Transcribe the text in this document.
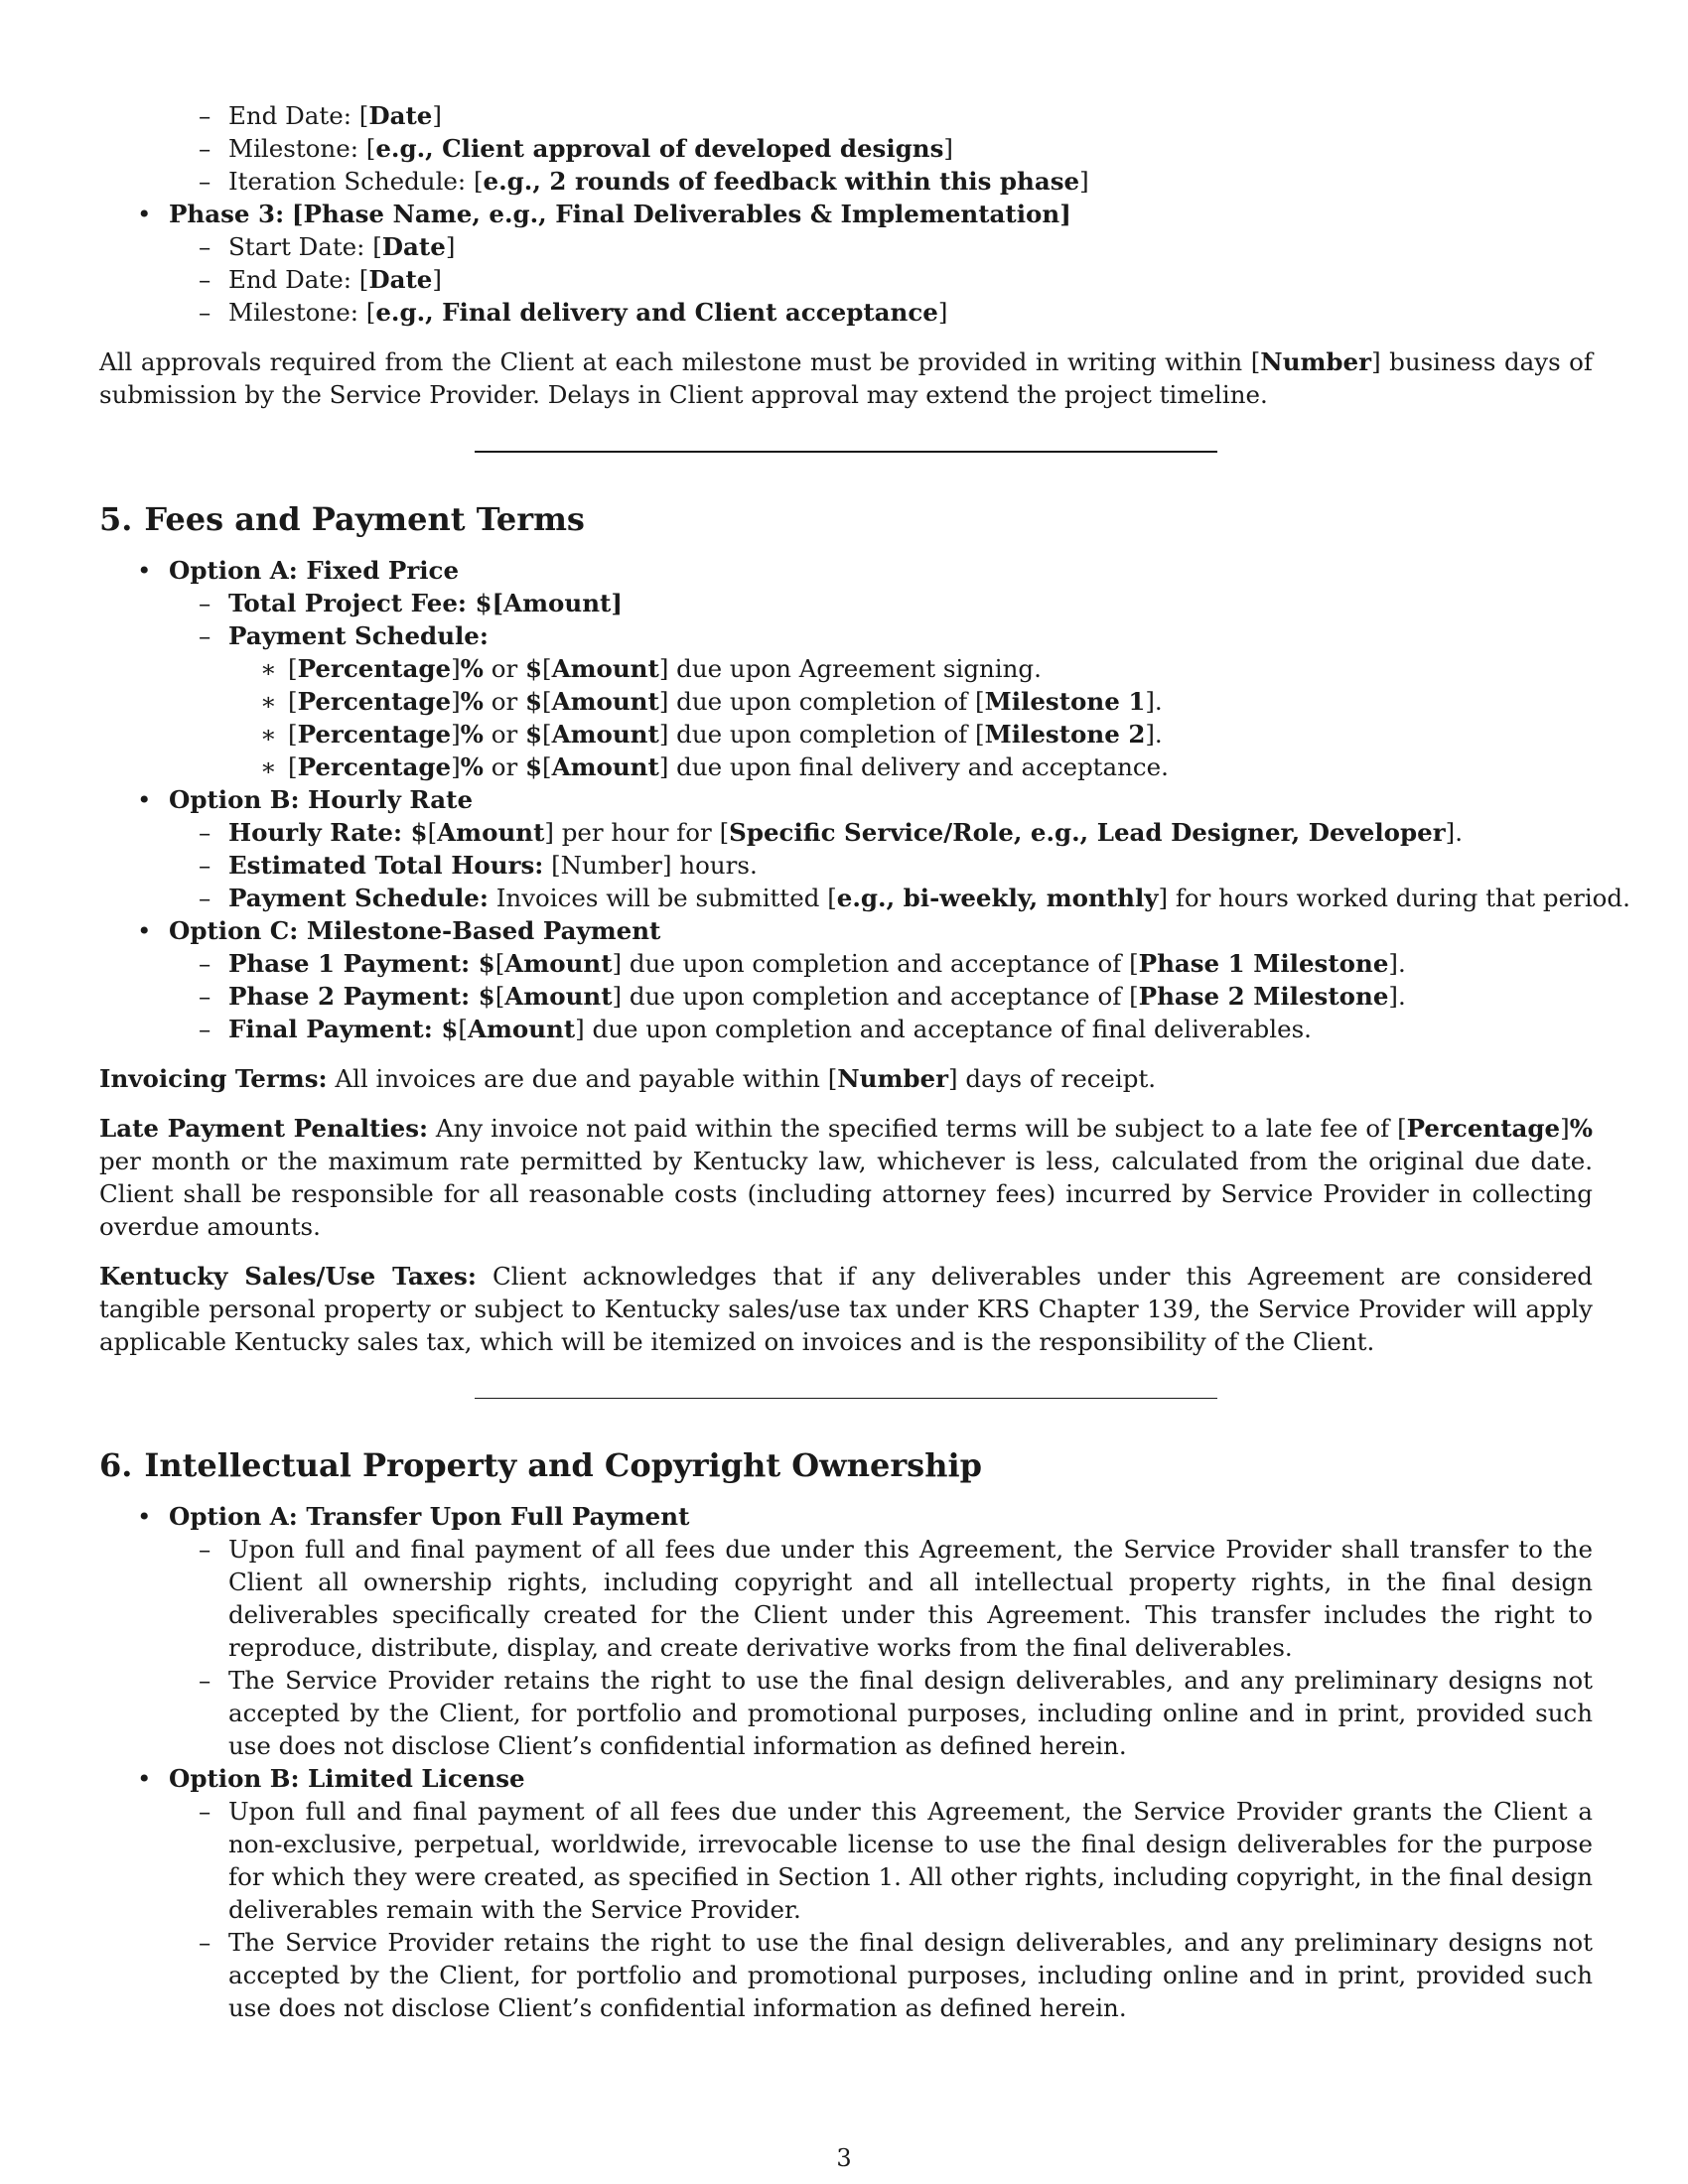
– End Date: [Date]
– Milestone: [e.g., Client approval of developed designs]
– Iteration Schedule: [e.g., 2 rounds of feedback within this phase]
• Phase 3: [Phase Name, e.g., Final Deliverables & Implementation]
– Start Date: [Date]
– End Date: [Date]
– Milestone: [e.g., Final delivery and Client acceptance]

All approvals required from the Client at each milestone must be provided in writing within [Number] business days of submission by the Service Provider. Delays in Client approval may extend the project timeline.

5. Fees and Payment Terms
• Option A: Fixed Price
– Total Project Fee: $[Amount]
– Payment Schedule:
∗ [Percentage]% or $[Amount] due upon Agreement signing.
∗ [Percentage]% or $[Amount] due upon completion of [Milestone 1].
∗ [Percentage]% or $[Amount] due upon completion of [Milestone 2].
∗ [Percentage]% or $[Amount] due upon final delivery and acceptance.
• Option B: Hourly Rate
– Hourly Rate: $[Amount] per hour for [Specific Service/Role, e.g., Lead Designer, Developer].
– Estimated Total Hours: [Number] hours.
– Payment Schedule: Invoices will be submitted [e.g., bi-weekly, monthly] for hours worked during that period.
• Option C: Milestone-Based Payment
– Phase 1 Payment: $[Amount] due upon completion and acceptance of [Phase 1 Milestone].
– Phase 2 Payment: $[Amount] due upon completion and acceptance of [Phase 2 Milestone].
– Final Payment: $[Amount] due upon completion and acceptance of final deliverables.

Invoicing Terms: All invoices are due and payable within [Number] days of receipt.

Late Payment Penalties: Any invoice not paid within the specified terms will be subject to a late fee of [Percentage]% per month or the maximum rate permitted by Kentucky law, whichever is less, calculated from the original due date. Client shall be responsible for all reasonable costs (including attorney fees) incurred by Service Provider in collecting overdue amounts.

Kentucky Sales/Use Taxes: Client acknowledges that if any deliverables under this Agreement are considered tangible personal property or subject to Kentucky sales/use tax under KRS Chapter 139, the Service Provider will apply applicable Kentucky sales tax, which will be itemized on invoices and is the responsibility of the Client.

6. Intellectual Property and Copyright Ownership
• Option A: Transfer Upon Full Payment
– Upon full and final payment of all fees due under this Agreement, the Service Provider shall transfer to the Client all ownership rights, including copyright and all intellectual property rights, in the final design deliverables specifically created for the Client under this Agreement. This transfer includes the right to reproduce, distribute, display, and create derivative works from the final deliverables.
– The Service Provider retains the right to use the final design deliverables, and any preliminary designs not accepted by the Client, for portfolio and promotional purposes, including online and in print, provided such use does not disclose Client’s confidential information as defined herein.
• Option B: Limited License
– Upon full and final payment of all fees due under this Agreement, the Service Provider grants the Client a non-exclusive, perpetual, worldwide, irrevocable license to use the final design deliverables for the purpose for which they were created, as specified in Section 1. All other rights, including copyright, in the final design deliverables remain with the Service Provider.
– The Service Provider retains the right to use the final design deliverables, and any preliminary designs not accepted by the Client, for portfolio and promotional purposes, including online and in print, provided such use does not disclose Client’s confidential information as defined herein.
3
